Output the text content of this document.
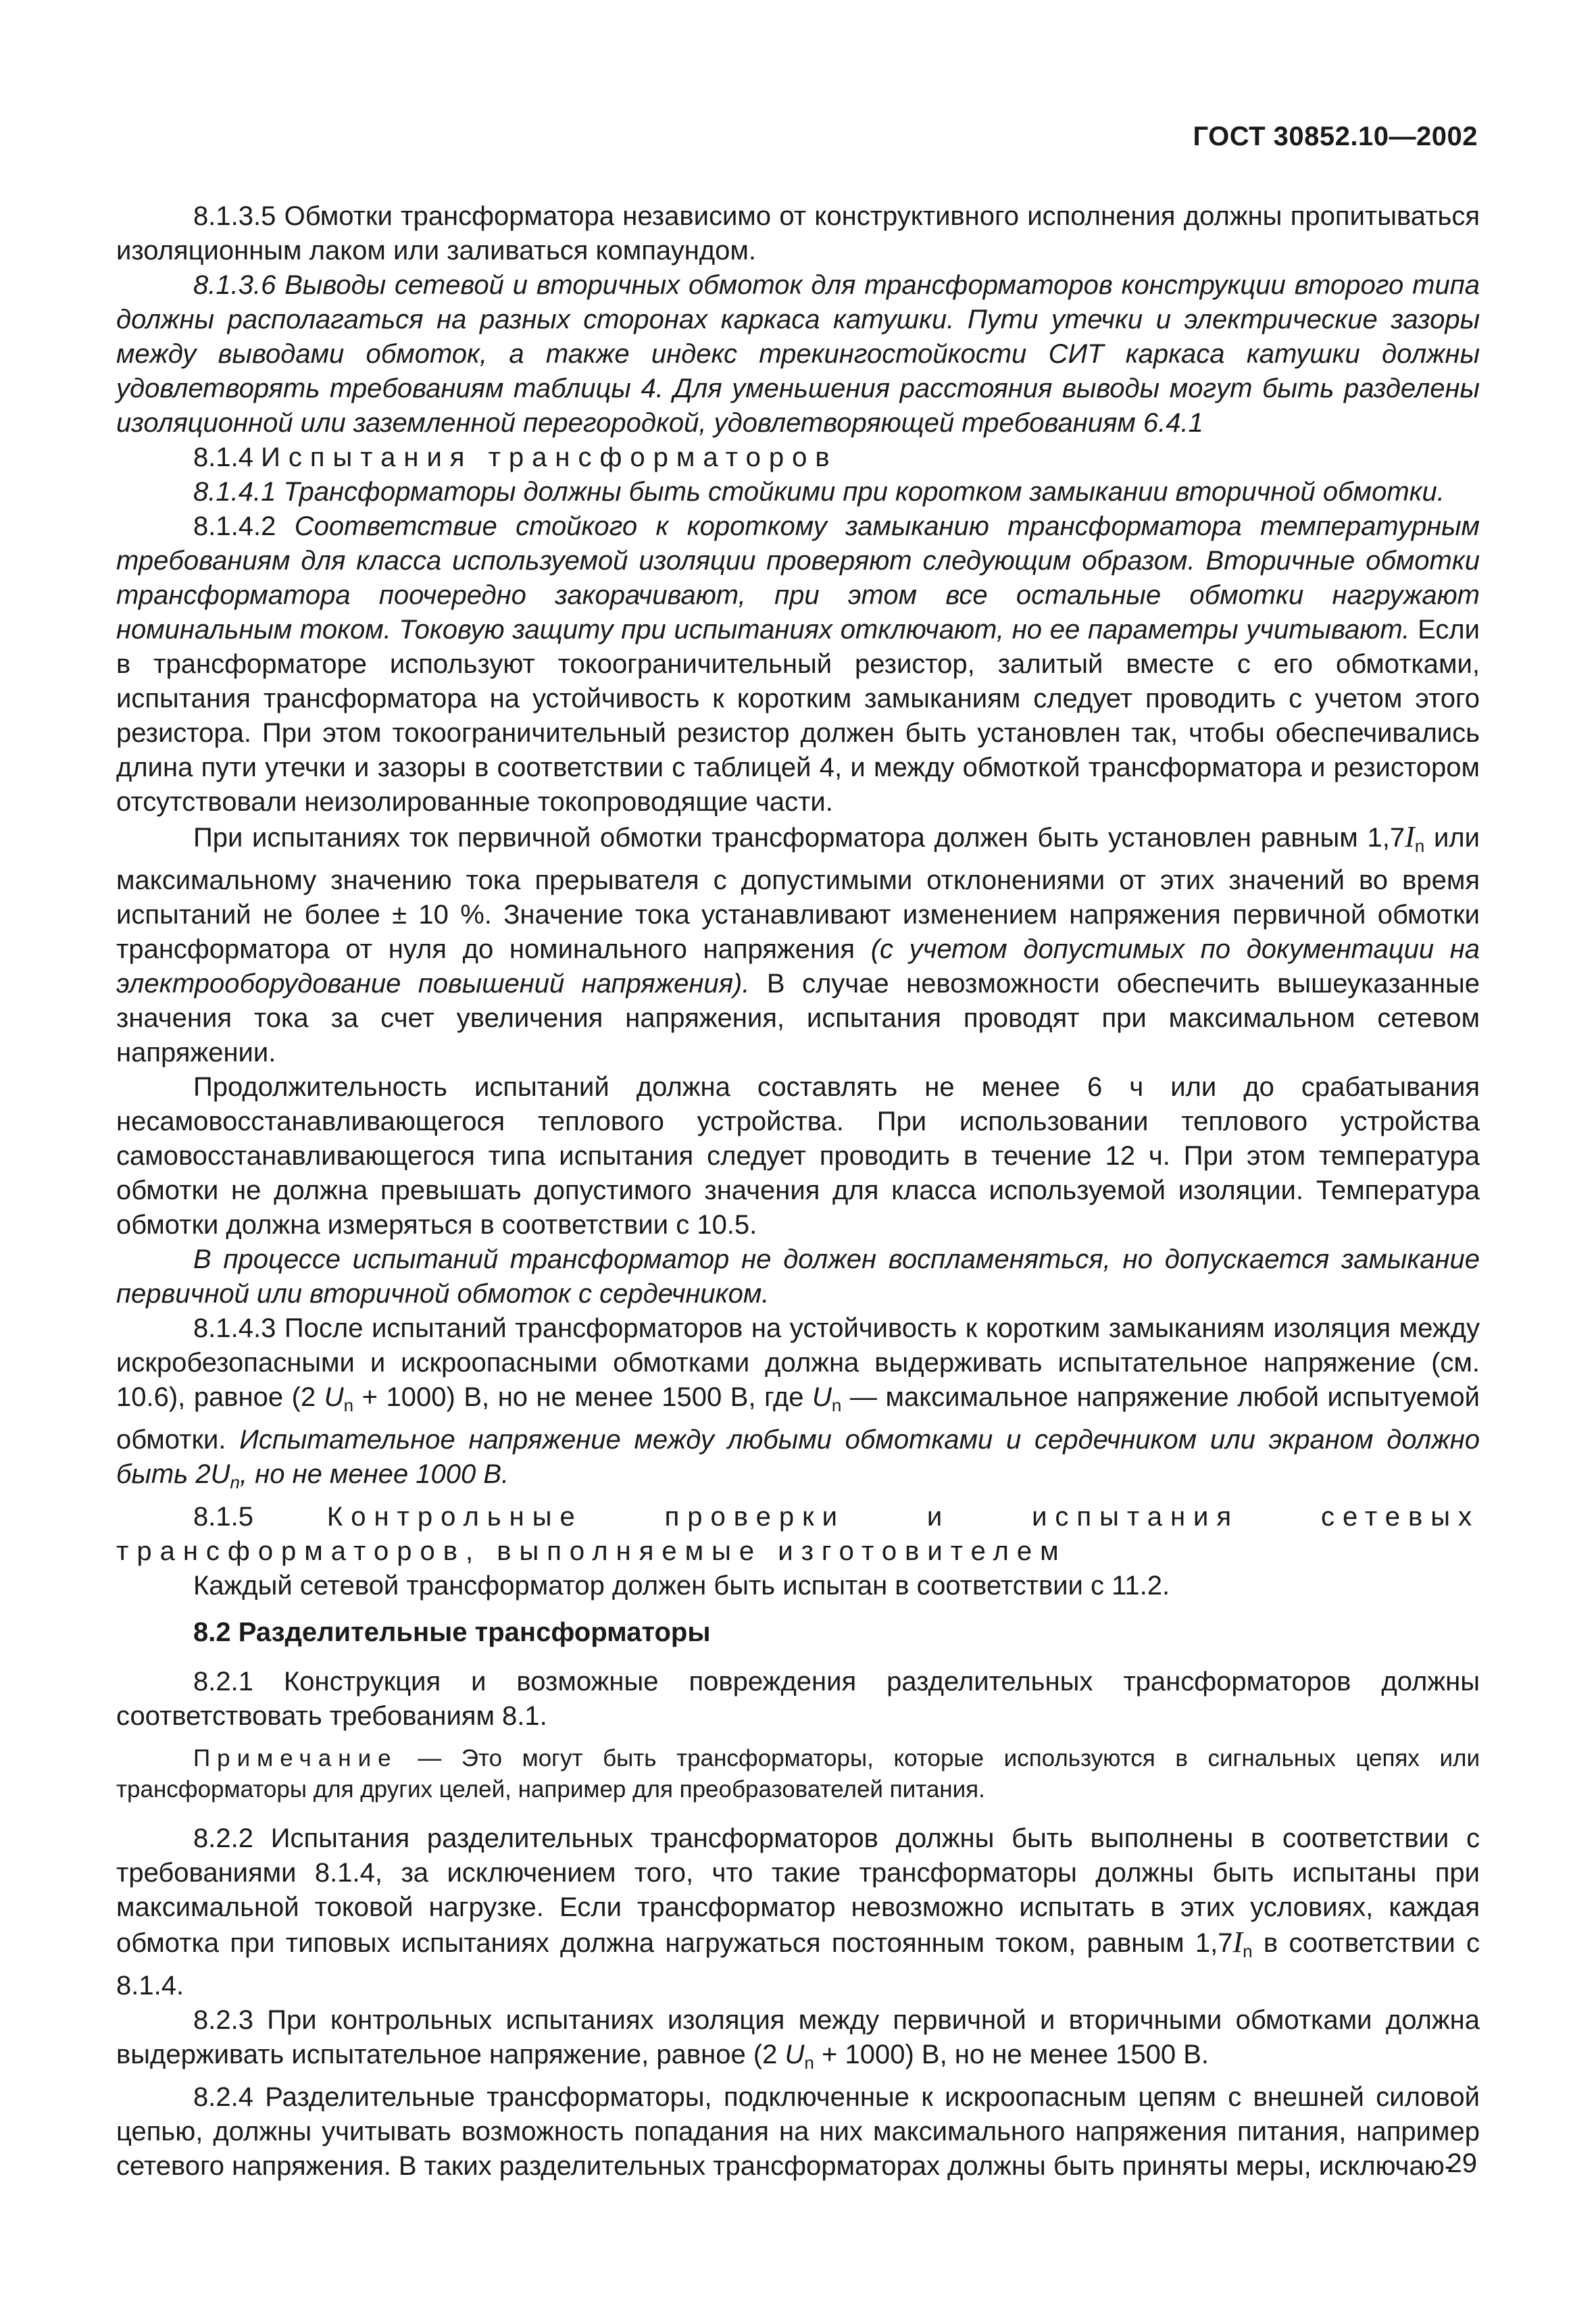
ГОСТ 30852.10—2002

8.1.3.5 Обмотки трансформатора независимо от конструктивного исполнения должны пропитываться изоляционным лаком или заливаться компаундом.

8.1.3.6 Выводы сетевой и вторичных обмоток для трансформаторов конструкции второго типа должны располагаться на разных сторонах каркаса катушки. Пути утечки и электрические зазоры между выводами обмоток, а также индекс трекингостойкости СИТ каркаса катушки должны удовлетворять требованиям таблицы 4. Для уменьшения расстояния выводы могут быть разделены изоляционной или заземленной перегородкой, удовлетворяющей требованиям 6.4.1

8.1.4 Испытания трансформаторов

8.1.4.1 Трансформаторы должны быть стойкими при коротком замыкании вторичной обмотки.

8.1.4.2 Соответствие стойкого к короткому замыканию трансформатора температурным требованиям для класса используемой изоляции проверяют следующим образом. Вторичные обмотки трансформатора поочередно закорачивают, при этом все остальные обмотки нагружают номинальным током. Токовую защиту при испытаниях отключают, но ее параметры учитывают. Если в трансформаторе используют токоограничительный резистор, залитый вместе с его обмотками, испытания трансформатора на устойчивость к коротким замыканиям следует проводить с учетом этого резистора. При этом токоограничительный резистор должен быть установлен так, чтобы обеспечивались длина пути утечки и зазоры в соответствии с таблицей 4, и между обмоткой трансформатора и резистором отсутствовали неизолированные токопроводящие части.

При испытаниях ток первичной обмотки трансформатора должен быть установлен равным $1,7I_n$ или максимальному значению тока прерывателя с допустимыми отклонениями от этих значений во время испытаний не более ± 10 %. Значение тока устанавливают изменением напряжения первичной обмотки трансформатора от нуля до номинального напряжения (с учетом допустимых по документации на электрооборудование повышений напряжения). В случае невозможности обеспечить вышеуказанные значения тока за счет увеличения напряжения, испытания проводят при максимальном сетевом напряжении.

Продолжительность испытаний должна составлять не менее 6 ч или до срабатывания несамовосстанавливающегося теплового устройства. При использовании теплового устройства самовосстанавливающегося типа испытания следует проводить в течение 12 ч. При этом температура обмотки не должна превышать допустимого значения для класса используемой изоляции. Температура обмотки должна измеряться в соответствии с 10.5.

В процессе испытаний трансформатор не должен воспламеняться, но допускается замыкание первичной или вторичной обмоток с сердечником.

8.1.4.3 После испытаний трансформаторов на устойчивость к коротким замыканиям изоляция между искробезопасными и искроопасными обмотками должна выдерживать испытательное напряжение (см. 10.6), равное (2 $U_n + 1000$) В, но не менее 1500 В, где $U_n$ — максимальное напряжение любой испытуемой обмотки. Испытательное напряжение между любыми обмотками и сердечником или экраном должно быть $2U_n$, но не менее 1000 В.

8.1.5	Контрольные проверки и испытания сетевых трансформаторов, выполняемые изготовителем

Каждый сетевой трансформатор должен быть испытан в соответствии с 11.2.

8.2 Разделительные трансформаторы

8.2.1 Конструкция и возможные повреждения разделительных трансформаторов должны соответствовать требованиям 8.1.

Примечание — Это могут быть трансформаторы, которые используются в сигнальных цепях или трансформаторы для других целей, например для преобразователей питания.

8.2.2 Испытания разделительных трансформаторов должны быть выполнены в соответствии с требованиями 8.1.4, за исключением того, что такие трансформаторы должны быть испытаны при максимальной токовой нагрузке. Если трансформатор невозможно испытать в этих условиях, каждая обмотка при типовых испытаниях должна нагружаться постоянным током, равным $1,7I_n$ в соответствии с 8.1.4.

8.2.3 При контрольных испытаниях изоляция между первичной и вторичными обмотками должна выдерживать испытательное напряжение, равное (2 $U_n + 1000$) В, но не менее 1500 В.

8.2.4 Разделительные трансформаторы, подключенные к искроопасным цепям с внешней силовой цепью, должны учитывать возможность попадания на них максимального напряжения питания, например сетевого напряжения. В таких разделительных трансформаторах должны быть приняты меры, исключаю-

29
